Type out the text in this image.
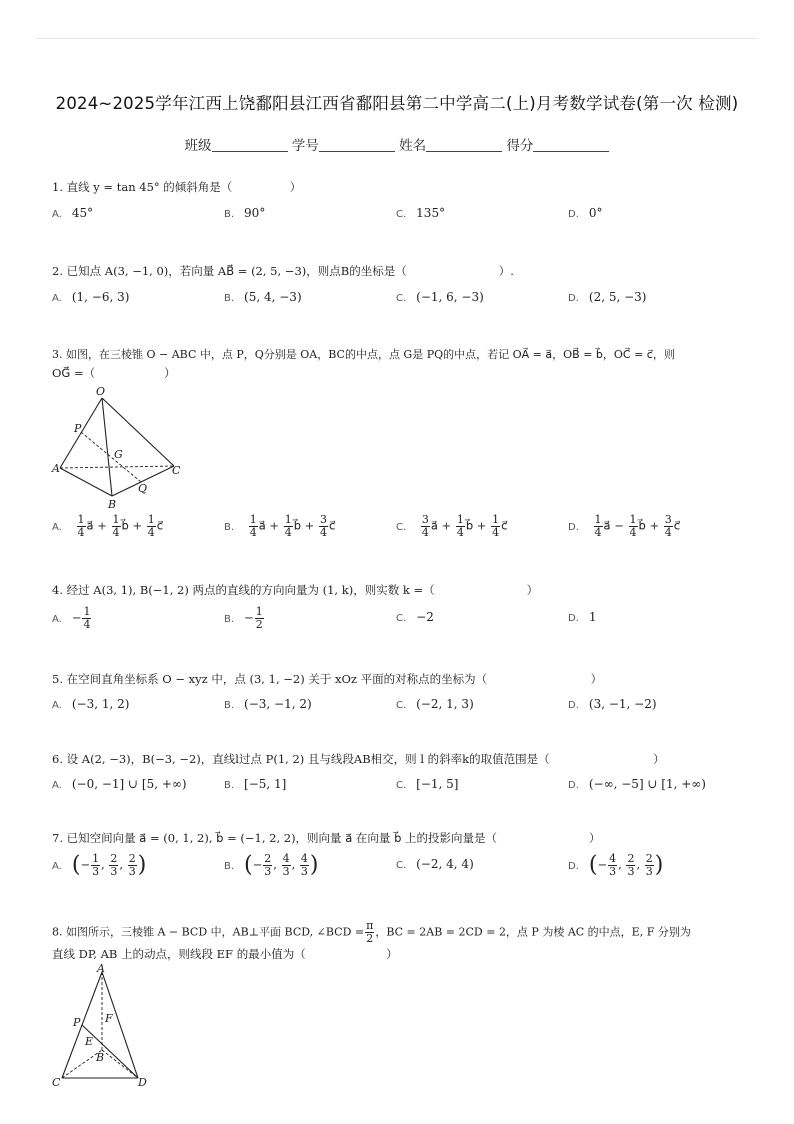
2024~2025学年江西上饶鄱阳县江西省鄱阳县第二中学高二(上)月考数学试卷(第一次 检测)
班级	学号	姓名	得分
1. 直线 y = tan 45° 的倾斜角是（　　　　　）
A. 45°	B. 90°	C. 135°	D. 0°
2. 已知点 A(3, −1, 0)，若向量 AB⃗ = (2, 5, −3)，则点B的坐标是（　　　　　　　　）.
A. (1, −6, 3)	B. (5, 4, −3)	C. (−1, 6, −3)	D. (2, 5, −3)
3. 如图，在三棱锥 O − ABC 中，点 P，Q分别是 OA，BC的中点，点 G是 PQ的中点，若记 OA⃗ = a⃗，OB⃗ = b⃗，OC⃗ = c⃗，则
OG⃗ =（　　　　　　）
O
P
G
A	C
Q
B
A. $\frac{1}{4}$ a⃗ + $\frac{1}{4}$ b⃗ + $\frac{1}{4}$ c⃗	B. $\frac{1}{4}$ a⃗ + $\frac{1}{4}$ b⃗ + $\frac{3}{4}$ c⃗	C. $\frac{3}{4}$ a⃗ + $\frac{1}{4}$ b⃗ + $\frac{1}{4}$ c⃗	D. $\frac{1}{4}$ a⃗ − $\frac{1}{4}$ b⃗ + $\frac{3}{4}$ c⃗
4. 经过 A(3, 1), B(−1, 2) 两点的直线的方向向量为 (1, k)，则实数 k =（　　　　　　　　）
A. − $\frac{1}{4}$	B. − $\frac{1}{2}$	C. −2	D. 1
5. 在空间直角坐标系 O − xyz 中，点 (3, 1, −2) 关于 xOz 平面的对称点的坐标为（　　　　　　　　　）
A. (−3, 1, 2)	B. (−3, −1, 2)	C. (−2, 1, 3)	D. (3, −1, −2)
6. 设 A(2, −3)，B(−3, −2)，直线l过点 P(1, 2) 且与线段AB相交，则 l 的斜率k的取值范围是（　　　　　　　　　）
A. (−0, −1] ∪ [5, +∞)	B. [−5, 1]	C. [−1, 5]	D. (−∞, −5] ∪ [1, +∞)
7. 已知空间向量 a⃗ = (0, 1, 2), b⃗ = (−1, 2, 2)，则向量 a⃗ 在向量 b⃗ 上的投影向量是（　　　　　　　　）
A. (− $\frac{1}{3}$ , $\frac{2}{3}$ , $\frac{2}{3}$ )	B. (− $\frac{2}{3}$ , $\frac{4}{3}$ , $\frac{4}{3}$ )	C. (−2, 4, 4)	D. (− $\frac{4}{3}$ , $\frac{2}{3}$ , $\frac{2}{3}$ )
8. 如图所示，三棱锥 A − BCD 中，AB⊥平面 BCD, ∠BCD = $\frac{\pi}{2}$ ，BC = 2AB = 2CD = 2，点 P 为棱 AC 的中点，E, F 分别为
直线 DP, AB 上的动点，则线段 EF 的最小值为（　　　　　　　）
A
P F
E
B
C	D
